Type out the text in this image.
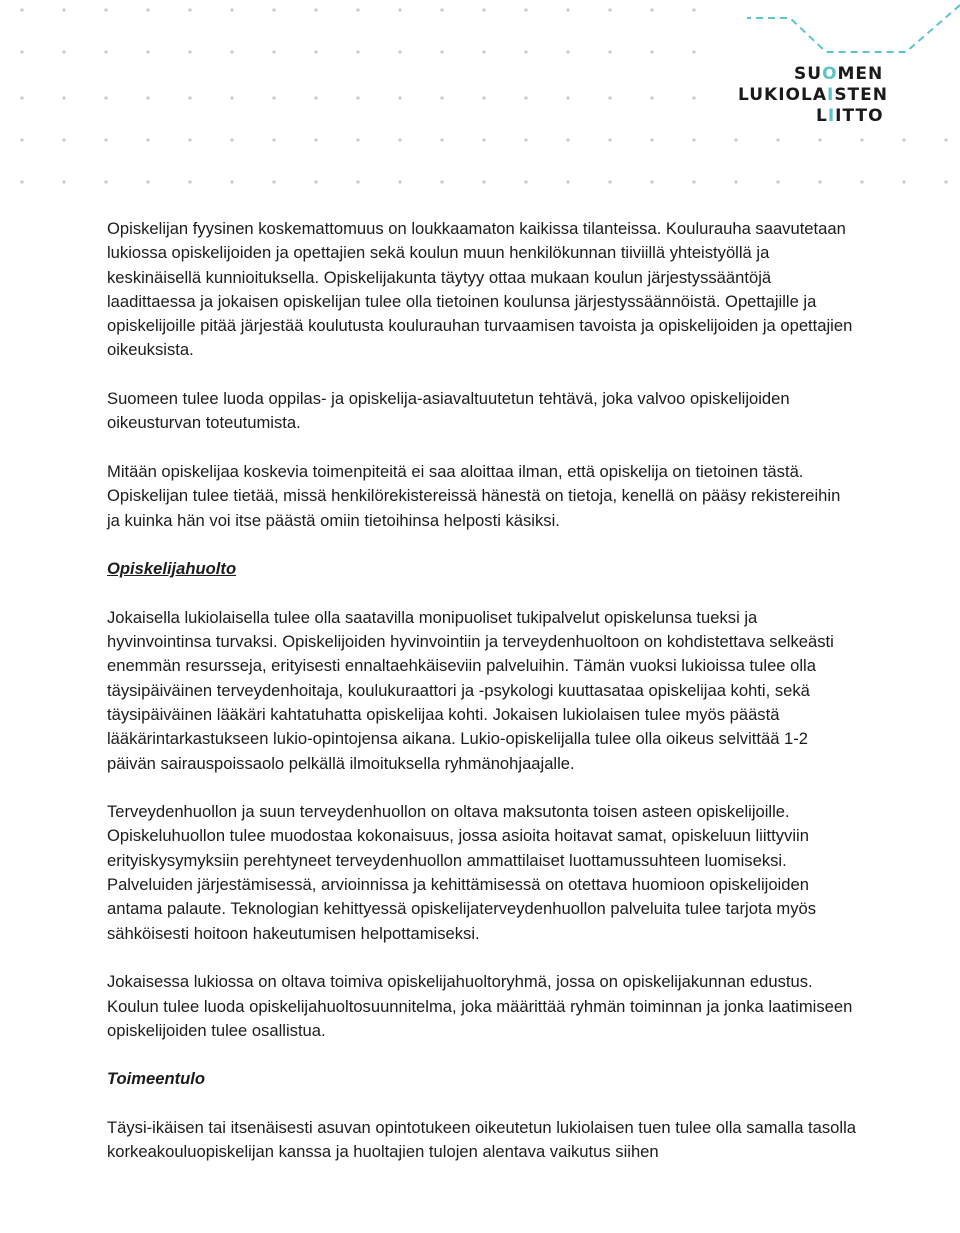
SUOMEN
LUKIOLAISTEN
LIITTO

Opiskelijan fyysinen koskemattomuus on loukkaamaton kaikissa tilanteissa. Koulurauha saavutetaan lukiossa opiskelijoiden ja opettajien sekä koulun muun henkilökunnan tiiviillä yhteistyöllä ja keskinäisellä kunnioituksella. Opiskelijakunta täytyy ottaa mukaan koulun järjestyssääntöjä laadittaessa ja jokaisen opiskelijan tulee olla tietoinen koulunsa järjestyssäännöistä. Opettajille ja opiskelijoille pitää järjestää koulutusta koulurauhan turvaamisen tavoista ja opiskelijoiden ja opettajien oikeuksista.

Suomeen tulee luoda oppilas- ja opiskelija-asiavaltuutetun tehtävä, joka valvoo opiskelijoiden oikeusturvan toteutumista.

Mitään opiskelijaa koskevia toimenpiteitä ei saa aloittaa ilman, että opiskelija on tietoinen tästä. Opiskelijan tulee tietää, missä henkilörekistereissä hänestä on tietoja, kenellä on pääsy rekistereihin ja kuinka hän voi itse päästä omiin tietoihinsa helposti käsiksi.

Opiskelijahuolto

Jokaisella lukiolaisella tulee olla saatavilla monipuoliset tukipalvelut opiskelunsa tueksi ja hyvinvointinsa turvaksi. Opiskelijoiden hyvinvointiin ja terveydenhuoltoon on kohdistettava selkeästi enemmän resursseja, erityisesti ennaltaehkäiseviin palveluihin. Tämän vuoksi lukioissa tulee olla täysipäiväinen terveydenhoitaja, koulukuraattori ja -psykologi kuuttasataa opiskelijaa kohti, sekä täysipäiväinen lääkäri kahtatuhatta opiskelijaa kohti. Jokaisen lukiolaisen tulee myös päästä lääkärintarkastukseen lukio-opintojensa aikana. Lukio-opiskelijalla tulee olla oikeus selvittää 1-2 päivän sairauspoissaolo pelkällä ilmoituksella ryhmänohjaajalle.

Terveydenhuollon ja suun terveydenhuollon on oltava maksutonta toisen asteen opiskelijoille. Opiskeluhuollon tulee muodostaa kokonaisuus, jossa asioita hoitavat samat, opiskeluun liittyviin erityiskysymyksiin perehtyneet terveydenhuollon ammattilaiset luottamussuhteen luomiseksi. Palveluiden järjestämisessä, arvioinnissa ja kehittämisessä on otettava huomioon opiskelijoiden antama palaute. Teknologian kehittyessä opiskelijaterveydenhuollon palveluita tulee tarjota myös sähköisesti hoitoon hakeutumisen helpottamiseksi.

Jokaisessa lukiossa on oltava toimiva opiskelijahuoltoryhmä, jossa on opiskelijakunnan edustus. Koulun tulee luoda opiskelijahuoltosuunnitelma, joka määrittää ryhmän toiminnan ja jonka laatimiseen opiskelijoiden tulee osallistua.

Toimeentulo

Täysi-ikäisen tai itsenäisesti asuvan opintotukeen oikeutetun lukiolaisen tuen tulee olla samalla tasolla korkeakouluopiskelijan kanssa ja huoltajien tulojen alentava vaikutus siihen
